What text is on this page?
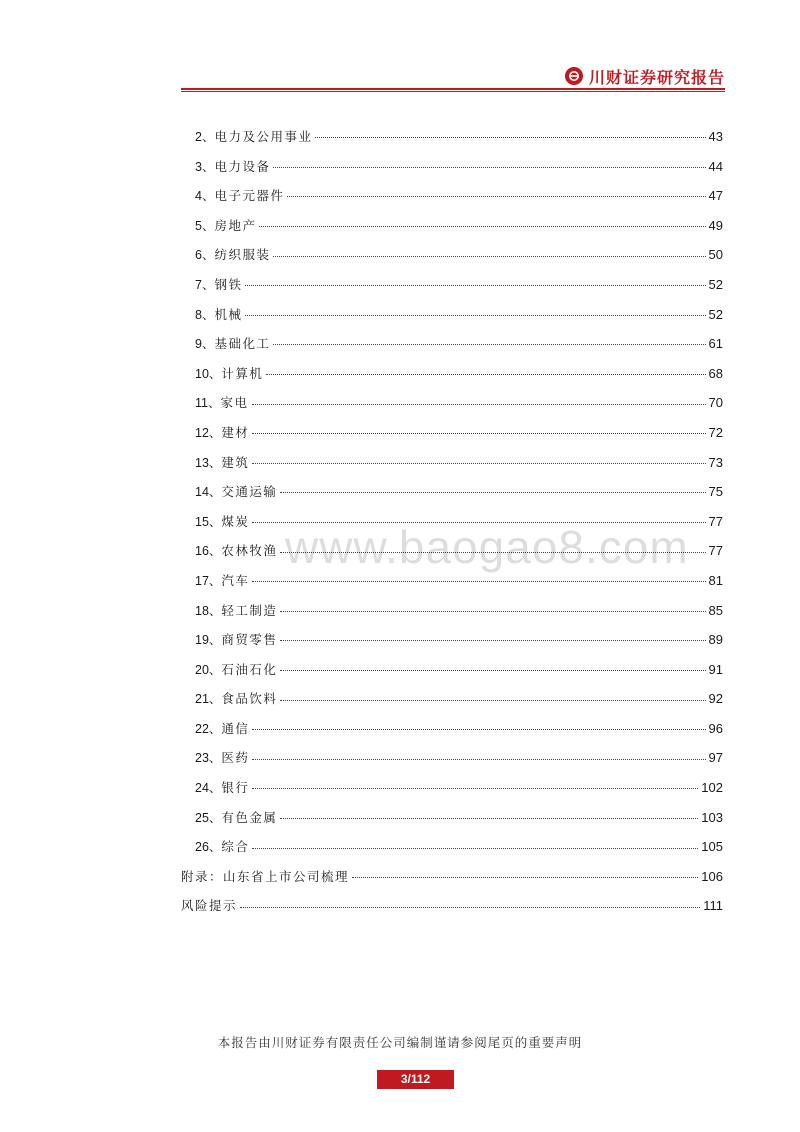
川财证券研究报告
2、 电力及公用事业	43
3、 电力设备	44
4、 电子元器件	47
5、 房地产	49
6、 纺织服装	50
7、 钢铁	52
8、 机械	52
9、 基础化工	61
10、 计算机	68
11、 家电	70
12、 建材	72
13、 建筑	73
14、 交通运输	75
15、 煤炭	77
16、 农林牧渔	77
17、 汽车	81
18、 轻工制造	85
19、 商贸零售	89
20、 石油石化	91
21、 食品饮料	92
22、 通信	96
23、 医药	97
24、 银行	102
25、 有色金属	103
26、 综合	105
附录：山东省上市公司梳理	106
风险提示	111
www.baogao8.com
本报告由川财证券有限责任公司编制谨请参阅尾页的重要声明
3/112
